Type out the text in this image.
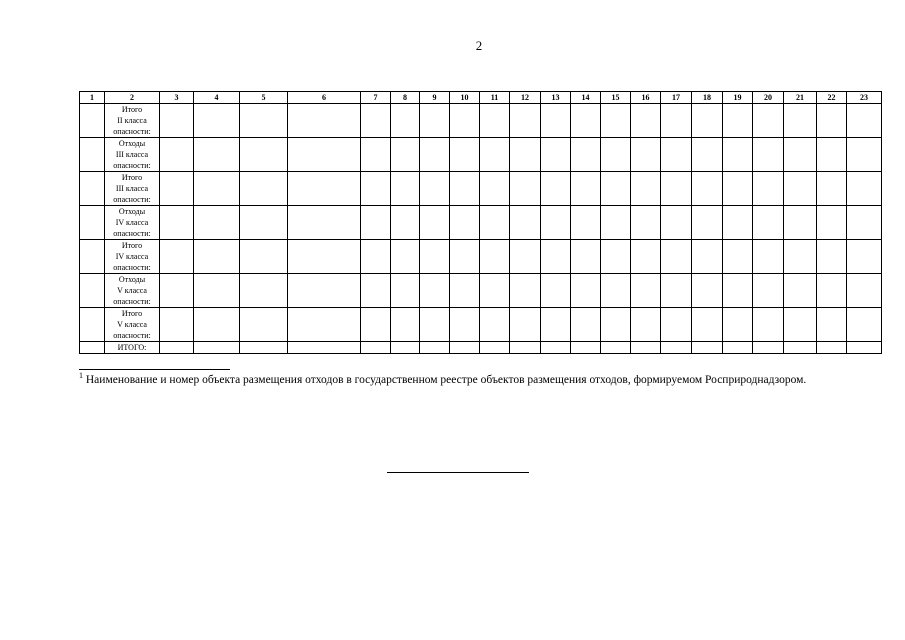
2
1	2	3	4	5	6	7	8	9	10	11	12	13	14	15	16	17	18	19	20	21	22	23
	Итого
II класса
опасности:																					
	Отходы
III класса
опасности:																					
	Итого
III класса
опасности:																					
	Отходы
IV класса
опасности:																					
	Итого
IV класса
опасности:																					
	Отходы
V класса
опасности:																					
	Итого
V класса
опасности:																					
	ИТОГО:																					
$^1$ Наименование и номер объекта размещения отходов в государственном реестре объектов размещения отходов, формируемом Росприроднадзором.
